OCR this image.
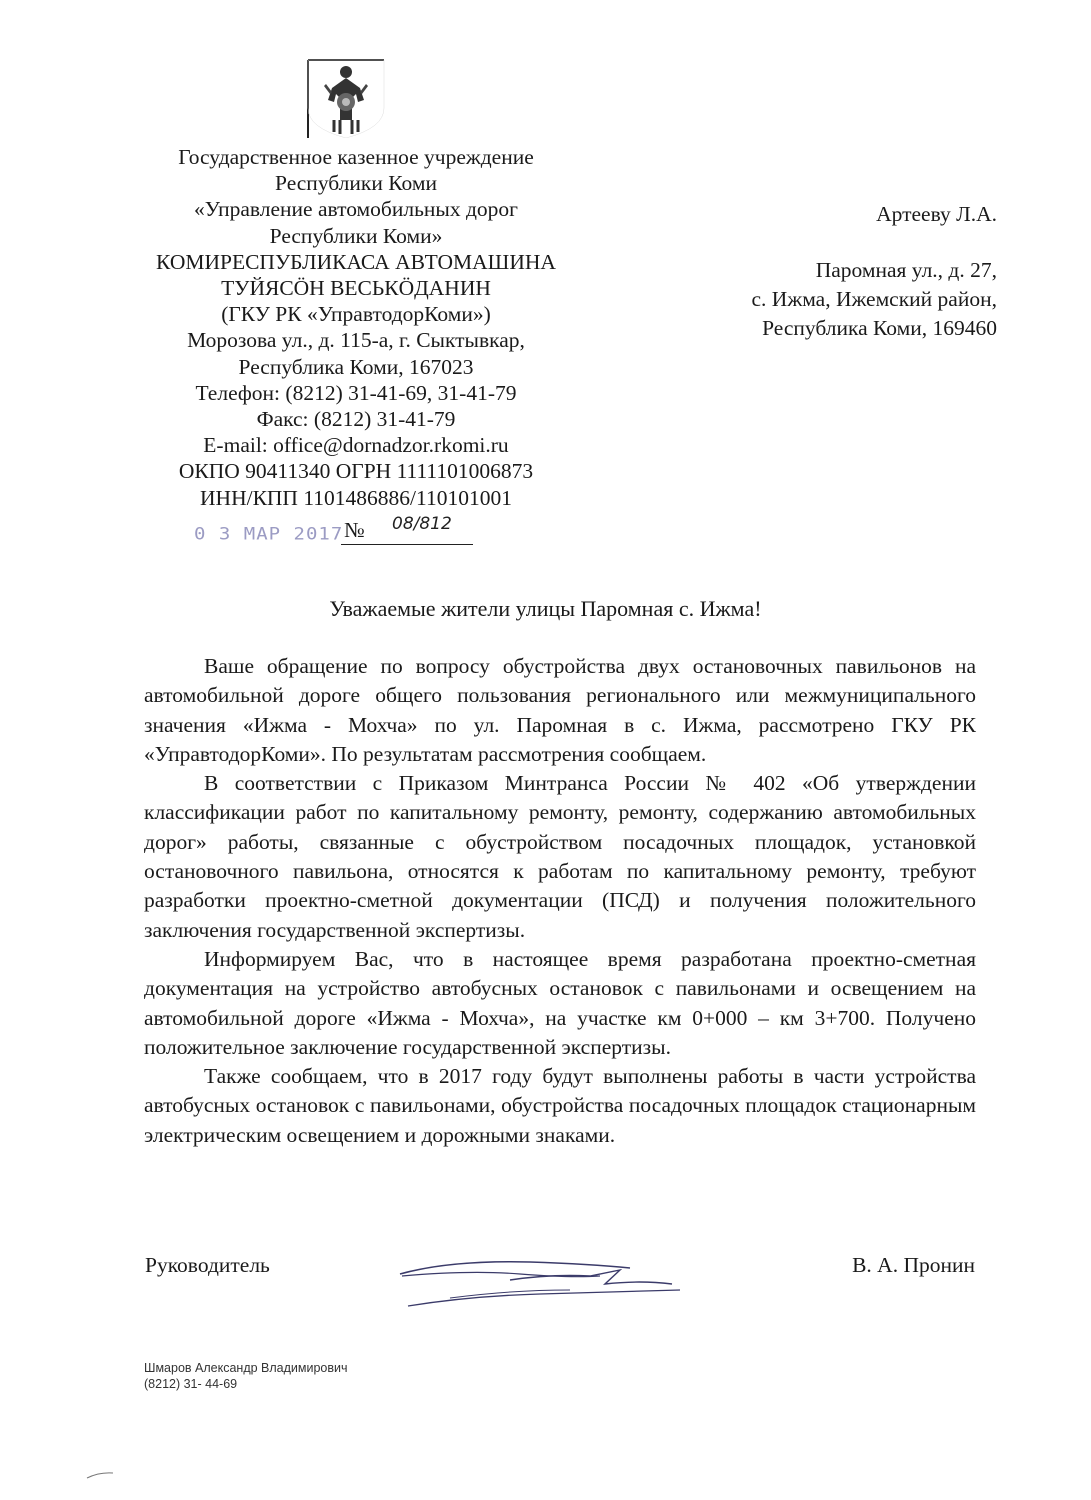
Государственное казенное учреждение
Республики Коми
«Управление автомобильных дорог
Республики Коми»
КОМИРЕСПУБЛИКАСА АВТОМАШИНА
ТУЙЯСÖН ВЕСЬКÖДАНИН
(ГКУ РК «УправтодорКоми»)
Морозова ул., д. 115-а, г. Сыктывкар,
Республика Коми, 167023
Телефон: (8212) 31-41-69, 31-41-79
Факс: (8212) 31-41-79
E-mail: office@dornadzor.rkomi.ru
ОКПО 90411340 ОГРН 1111101006873
ИНН/КПП 1101486886/110101001
0 3 МАР 2017 № 08/812
Артееву Л.А.
Паромная ул., д. 27,
с. Ижма, Ижемский район,
Республика Коми, 169460
Уважаемые жители улицы Паромная с. Ижма!

Ваше обращение по вопросу обустройства двух остановочных павильонов на автомобильной дороге общего пользования регионального или межмуниципального значения «Ижма - Мохча» по ул. Паромная в с. Ижма, рассмотрено ГКУ РК «УправтодорКоми». По результатам рассмотрения сообщаем.

В соответствии с Приказом Минтранса России № 402 «Об утверждении классификации работ по капитальному ремонту, ремонту, содержанию автомобильных дорог» работы, связанные с обустройством посадочных площадок, установкой остановочного павильона, относятся к работам по капитальному ремонту, требуют разработки проектно-сметной документации (ПСД) и получения положительного заключения государственной экспертизы.

Информируем Вас, что в настоящее время разработана проектно-сметная документация на устройство автобусных остановок с павильонами и освещением на автомобильной дороге «Ижма - Мохча», на участке км 0+000 – км 3+700. Получено положительное заключение государственной экспертизы.

Также сообщаем, что в 2017 году будут выполнены работы в части устройства автобусных остановок с павильонами, обустройства посадочных площадок стационарным электрическим освещением и дорожными знаками.

Руководитель	В. А. Пронин
Шмаров Александр Владимирович
(8212) 31- 44-69
